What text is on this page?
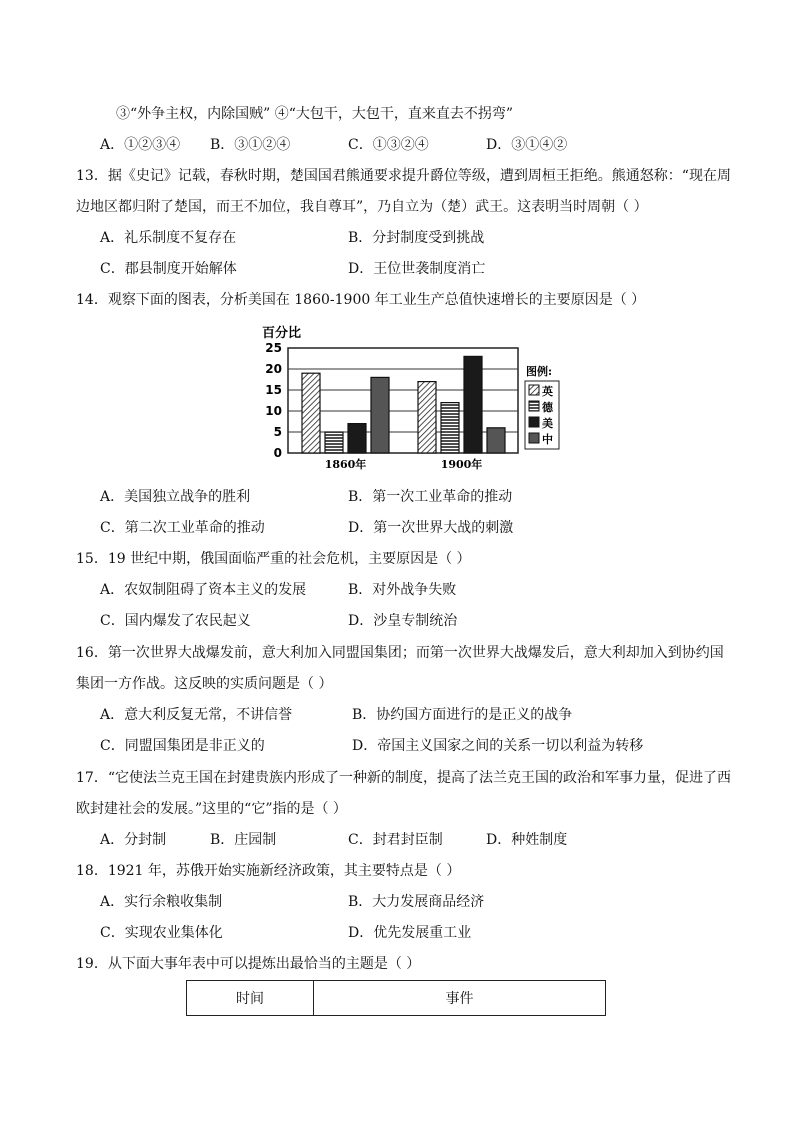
③“外争主权，内除国贼” ④“大包干，大包干，直来直去不拐弯”
A．①②③④ B．③①②④	C．①③②④	D．③①④②
13．据《史记》记载，春秋时期，楚国国君熊通要求提升爵位等级，遭到周桓王拒绝。熊通怒称：“现在周
边地区都归附了楚国，而王不加位，我自尊耳”，乃自立为（楚）武王。这表明当时周朝（ ）
A．礼乐制度不复存在	B．分封制度受到挑战
C．郡县制度开始解体	D．王位世袭制度消亡
14．观察下面的图表，分析美国在 1860-1900 年工业生产总值快速增长的主要原因是（ ）
百分比
0
5
10
15
20
25
1860年	1900年
图例:
英
德
美
中
A．美国独立战争的胜利	B．第一次工业革命的推动
C．第二次工业革命的推动	D．第一次世界大战的刺激
15．19 世纪中期，俄国面临严重的社会危机，主要原因是（ ）
A．农奴制阻碍了资本主义的发展	B．对外战争失败
C．国内爆发了农民起义	D．沙皇专制统治
16．第一次世界大战爆发前，意大利加入同盟国集团；而第一次世界大战爆发后，意大利却加入到协约国
集团一方作战。这反映的实质问题是（ ）
A．意大利反复无常，不讲信誉	B．协约国方面进行的是正义的战争
C．同盟国集团是非正义的	D．帝国主义国家之间的关系一切以利益为转移
17．“它使法兰克王国在封建贵族内形成了一种新的制度，提高了法兰克王国的政治和军事力量，促进了西
欧封建社会的发展。”这里的“它”指的是（ ）
A．分封制	B．庄园制	C．封君封臣制	D．种姓制度
18．1921 年，苏俄开始实施新经济政策，其主要特点是（ ）
A．实行余粮收集制	B．大力发展商品经济
C．实现农业集体化	D．优先发展重工业
19．从下面大事年表中可以提炼出最恰当的主题是（ ）
时间	事件
